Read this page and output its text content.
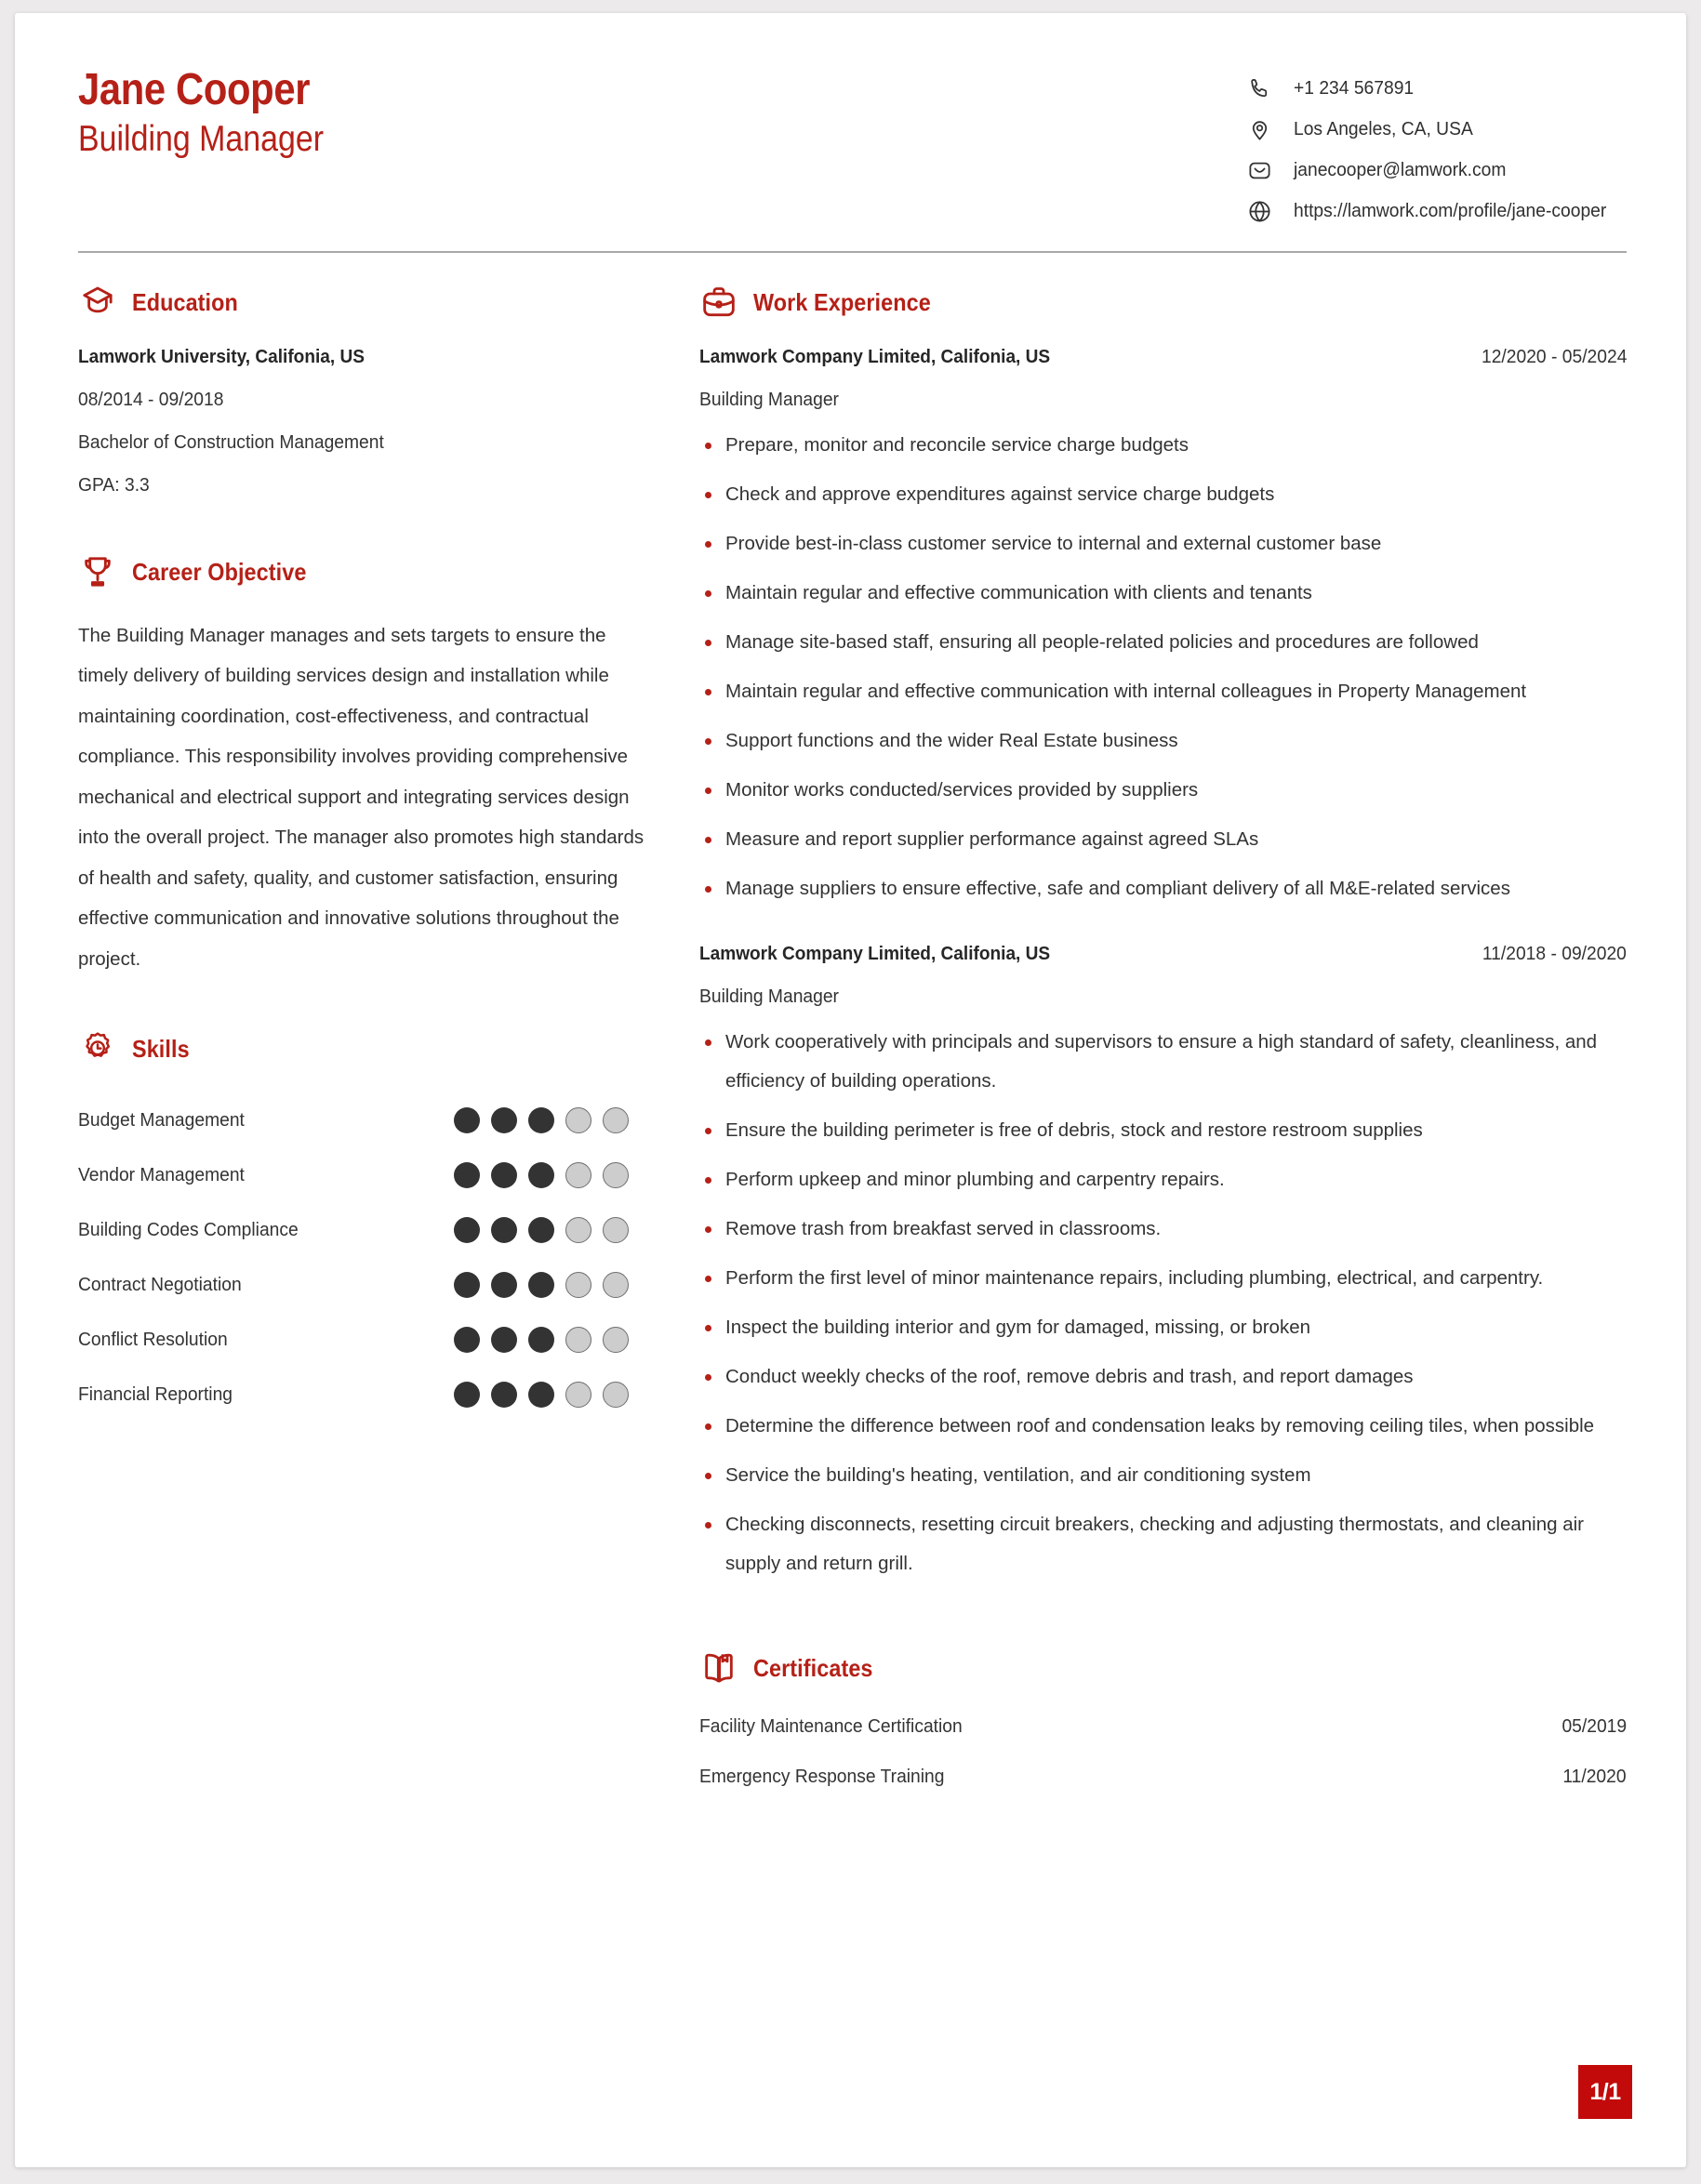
Jane Cooper
Building Manager
+1 234 567891
Los Angeles, CA, USA
janecooper@lamwork.com
https://lamwork.com/profile/jane-cooper
Education
Lamwork University, Califonia, US
08/2014 - 09/2018
Bachelor of Construction Management
GPA: 3.3
Career Objective

The Building Manager manages and sets targets to ensure the timely delivery of building services design and installation while maintaining coordination, cost-effectiveness, and contractual compliance. This responsibility involves providing comprehensive mechanical and electrical support and integrating services design into the overall project. The manager also promotes high standards of health and safety, quality, and customer satisfaction, ensuring effective communication and innovative solutions throughout the project.

Skills
Budget Management
Vendor Management
Building Codes Compliance
Contract Negotiation
Conflict Resolution
Financial Reporting
Work Experience
Lamwork Company Limited, Califonia, US	12/2020 - 05/2024
Building Manager
Prepare, monitor and reconcile service charge budgets
Check and approve expenditures against service charge budgets
Provide best-in-class customer service to internal and external customer base
Maintain regular and effective communication with clients and tenants
Manage site-based staff, ensuring all people-related policies and procedures are followed
Maintain regular and effective communication with internal colleagues in Property Management
Support functions and the wider Real Estate business
Monitor works conducted/services provided by suppliers
Measure and report supplier performance against agreed SLAs
Manage suppliers to ensure effective, safe and compliant delivery of all M&E-related services
Lamwork Company Limited, Califonia, US	11/2018 - 09/2020
Building Manager
Work cooperatively with principals and supervisors to ensure a high standard of safety, cleanliness, and efficiency of building operations.
Ensure the building perimeter is free of debris, stock and restore restroom supplies
Perform upkeep and minor plumbing and carpentry repairs.
Remove trash from breakfast served in classrooms.
Perform the first level of minor maintenance repairs, including plumbing, electrical, and carpentry.
Inspect the building interior and gym for damaged, missing, or broken
Conduct weekly checks of the roof, remove debris and trash, and report damages
Determine the difference between roof and condensation leaks by removing ceiling tiles, when possible
Service the building's heating, ventilation, and air conditioning system
Checking disconnects, resetting circuit breakers, checking and adjusting thermostats, and cleaning air supply and return grill.
Certificates
Facility Maintenance Certification	05/2019
Emergency Response Training	11/2020
1/1
